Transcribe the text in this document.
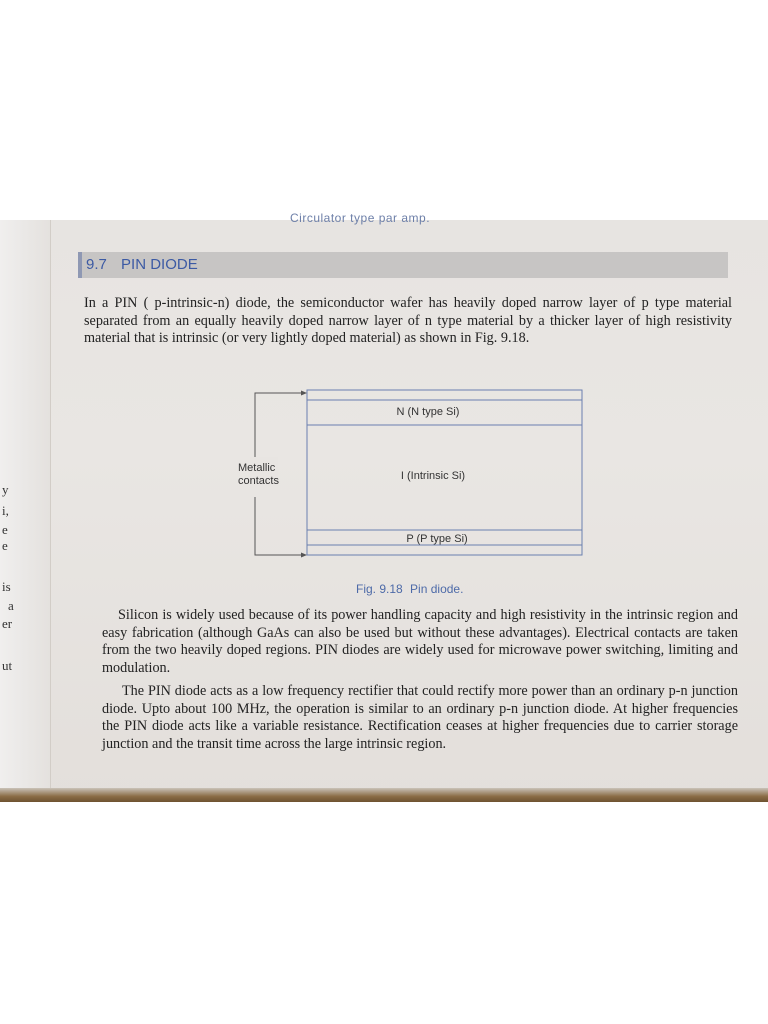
y
i,
e
e
is
a
er
ut
Circulator type par amp.
9.7 PIN DIODE

In a PIN ( p-intrinsic-n) diode, the semiconductor wafer has heavily doped narrow layer of p type material separated from an equally heavily doped narrow layer of n type material by a thicker layer of high resistivity material that is intrinsic (or very lightly doped material) as shown in Fig. 9.18.

N (N type Si)
I (Intrinsic Si)
P (P type Si)
Metallic
contacts
Fig. 9.18 Pin diode.

Silicon is widely used because of its power handling capacity and high resistivity in the intrinsic region and easy fabrication (although GaAs can also be used but without these advantages). Electrical contacts are taken from the two heavily doped regions. PIN diodes are widely used for microwave power switching, limiting and modulation.

The PIN diode acts as a low frequency rectifier that could rectify more power than an ordinary p-n junction diode. Upto about 100 MHz, the operation is similar to an ordinary p-n junction diode. At higher frequencies the PIN diode acts like a variable resistance. Rectification ceases at higher frequencies due to carrier storage junction and the transit time across the large intrinsic region.
